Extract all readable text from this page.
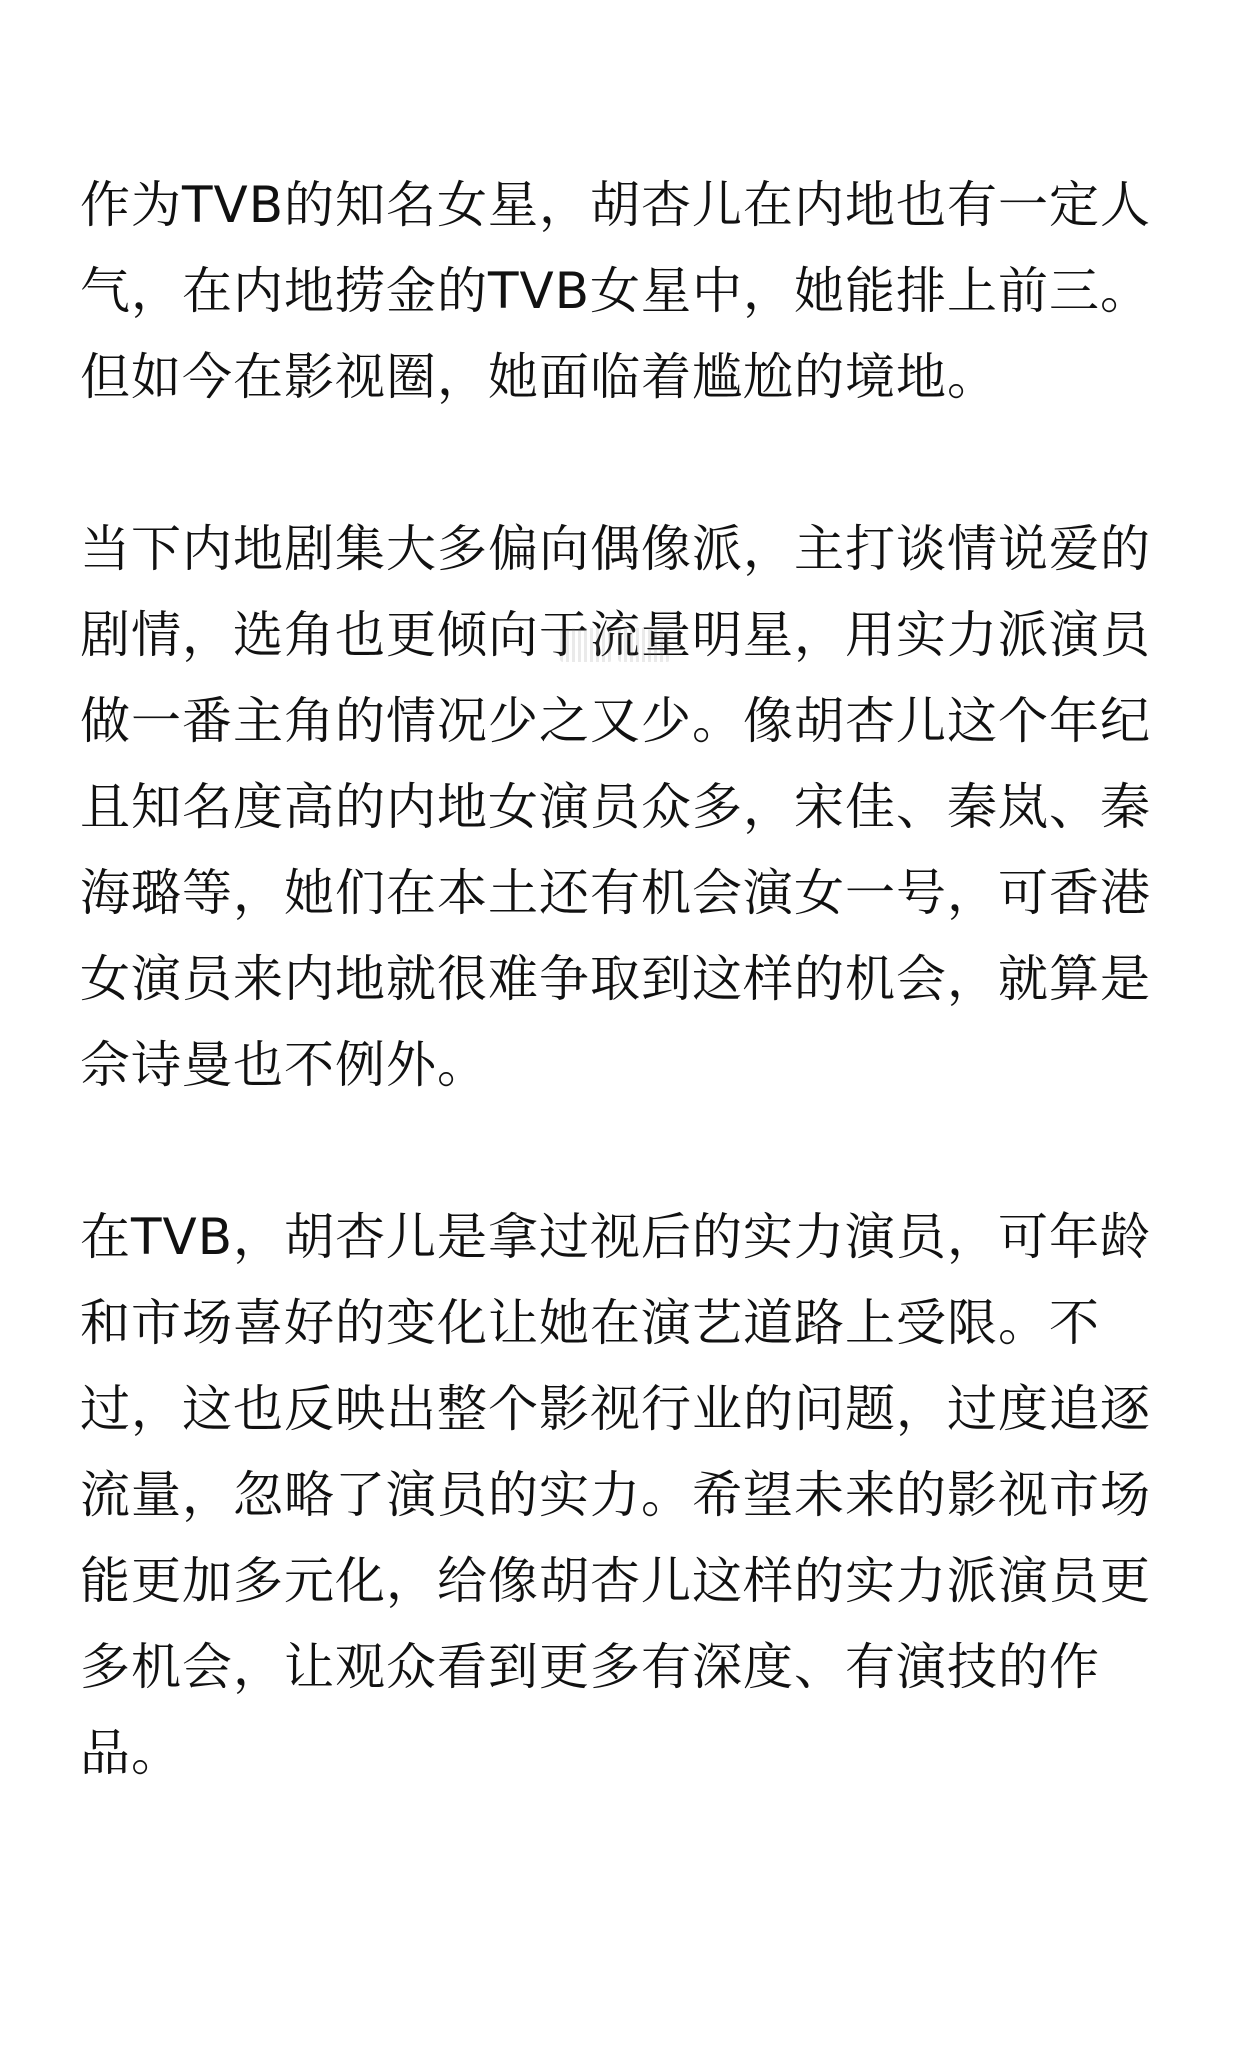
作为TVB的知名女星，胡杏儿在内地也有一定人气，在内地捞金的TVB女星中，她能排上前三。但如今在影视圈，她面临着尴尬的境地。

当下内地剧集大多偏向偶像派，主打谈情说爱的剧情，选角也更倾向于流量明星，用实力派演员做一番主角的情况少之又少。像胡杏儿这个年纪且知名度高的内地女演员众多，宋佳、秦岚、秦海璐等，她们在本土还有机会演女一号，可香港女演员来内地就很难争取到这样的机会，就算是佘诗曼也不例外。

在TVB，胡杏儿是拿过视后的实力演员，可年龄和市场喜好的变化让她在演艺道路上受限。不过，这也反映出整个影视行业的问题，过度追逐流量，忽略了演员的实力。希望未来的影视市场能更加多元化，给像胡杏儿这样的实力派演员更多机会，让观众看到更多有深度、有演技的作品。
